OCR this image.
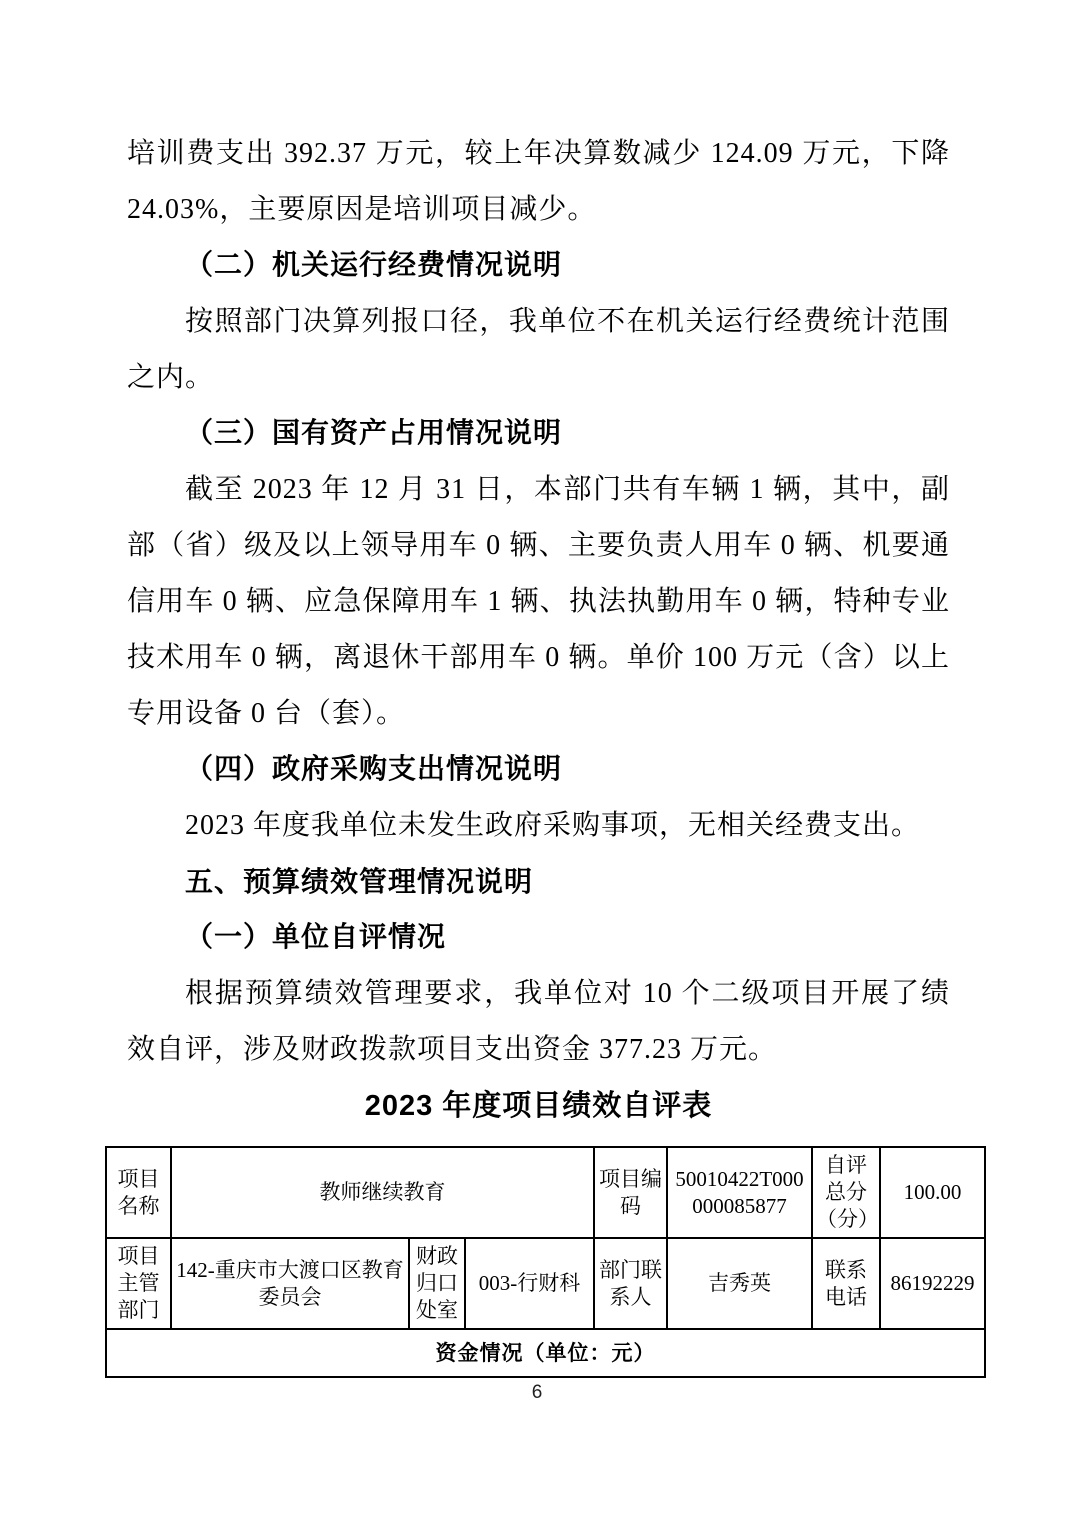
培训费支出 392.37 万元，较上年决算数减少 124.09 万元，下降 24.03%，主要原因是培训项目减少。

（二）机关运行经费情况说明

按照部门决算列报口径，我单位不在机关运行经费统计范围之内。

（三）国有资产占用情况说明

截至 2023 年 12 月 31 日，本部门共有车辆 1 辆，其中，副部（省）级及以上领导用车 0 辆、主要负责人用车 0 辆、机要通信用车 0 辆、应急保障用车 1 辆、执法执勤用车 0 辆，特种专业技术用车 0 辆，离退休干部用车 0 辆。单价 100 万元（含）以上专用设备 0 台（套）。

（四）政府采购支出情况说明

2023 年度我单位未发生政府采购事项，无相关经费支出。

五、预算绩效管理情况说明

（一）单位自评情况

根据预算绩效管理要求，我单位对 10 个二级项目开展了绩效自评，涉及财政拨款项目支出资金 377.23 万元。

2023 年度项目绩效自评表
项目名称	教师继续教育			项目编码	50010422T000000085877	自评总分（分）	100.00
项目主管部门	142-重庆市大渡口区教育委员会	财政归口处室	003-行财科	部门联系人	吉秀英	联系电话	86192229
资金情况（单位：元）							
6
